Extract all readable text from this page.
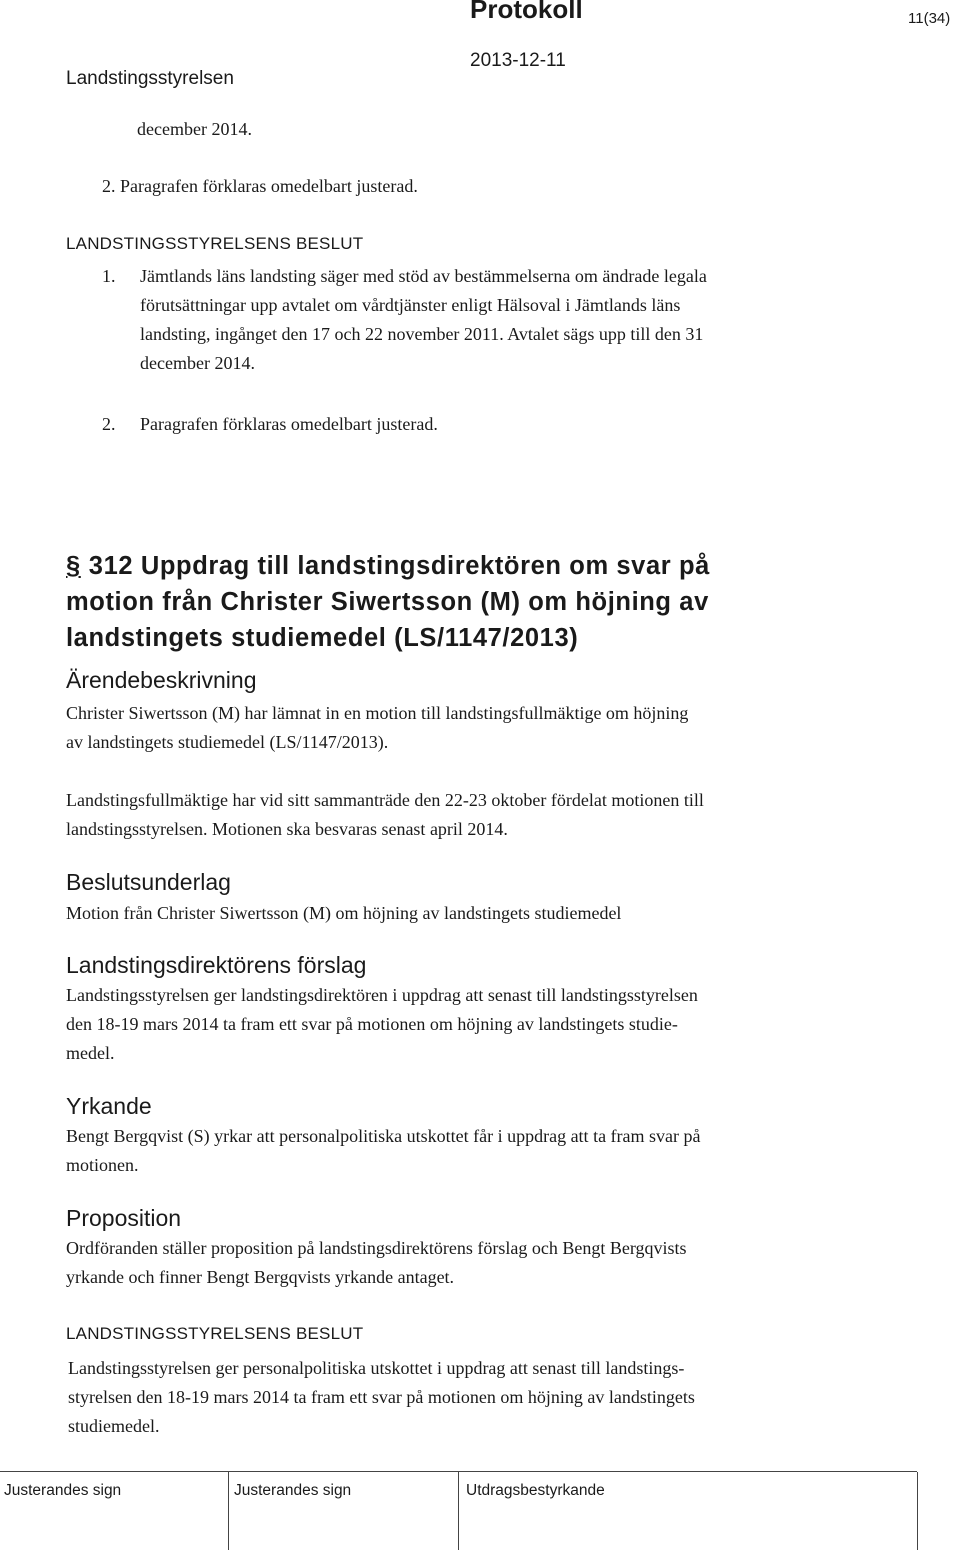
Protokoll	11(34)
Landstingsstyrelsen
2013-12-11
december 2014.
2. Paragrafen förklaras omedelbart justerad.
LANDSTINGSSTYRELSENS BESLUT
1. Jämtlands läns landsting säger med stöd av bestämmelserna om ändrade legala
förutsättningar upp avtalet om vårdtjänster enligt Hälsoval i Jämtlands läns
landsting, ingånget den 17 och 22 november 2011. Avtalet sägs upp till den 31
december 2014.
2. Paragrafen förklaras omedelbart justerad.
§ 312 Uppdrag till landstingsdirektören om svar på
motion från Christer Siwertsson (M) om höjning av
landstingets studiemedel (LS/1147/2013)
Ärendebeskrivning
Christer Siwertsson (M) har lämnat in en motion till landstingsfullmäktige om höjning
av landstingets studiemedel (LS/1147/2013).
Landstingsfullmäktige har vid sitt sammanträde den 22-23 oktober fördelat motionen till
landstingsstyrelsen. Motionen ska besvaras senast april 2014.
Beslutsunderlag
Motion från Christer Siwertsson (M) om höjning av landstingets studiemedel
Landstingsdirektörens förslag
Landstingsstyrelsen ger landstingsdirektören i uppdrag att senast till landstingsstyrelsen
den 18-19 mars 2014 ta fram ett svar på motionen om höjning av landstingets studie-
medel.
Yrkande
Bengt Bergqvist (S) yrkar att personalpolitiska utskottet får i uppdrag att ta fram svar på
motionen.
Proposition
Ordföranden ställer proposition på landstingsdirektörens förslag och Bengt Bergqvists
yrkande och finner Bengt Bergqvists yrkande antaget.
LANDSTINGSSTYRELSENS BESLUT
Landstingsstyrelsen ger personalpolitiska utskottet i uppdrag att senast till landstings-
styrelsen den 18-19 mars 2014 ta fram ett svar på motionen om höjning av landstingets
studiemedel.
Justerandes sign	Justerandes sign	Utdragsbestyrkande
